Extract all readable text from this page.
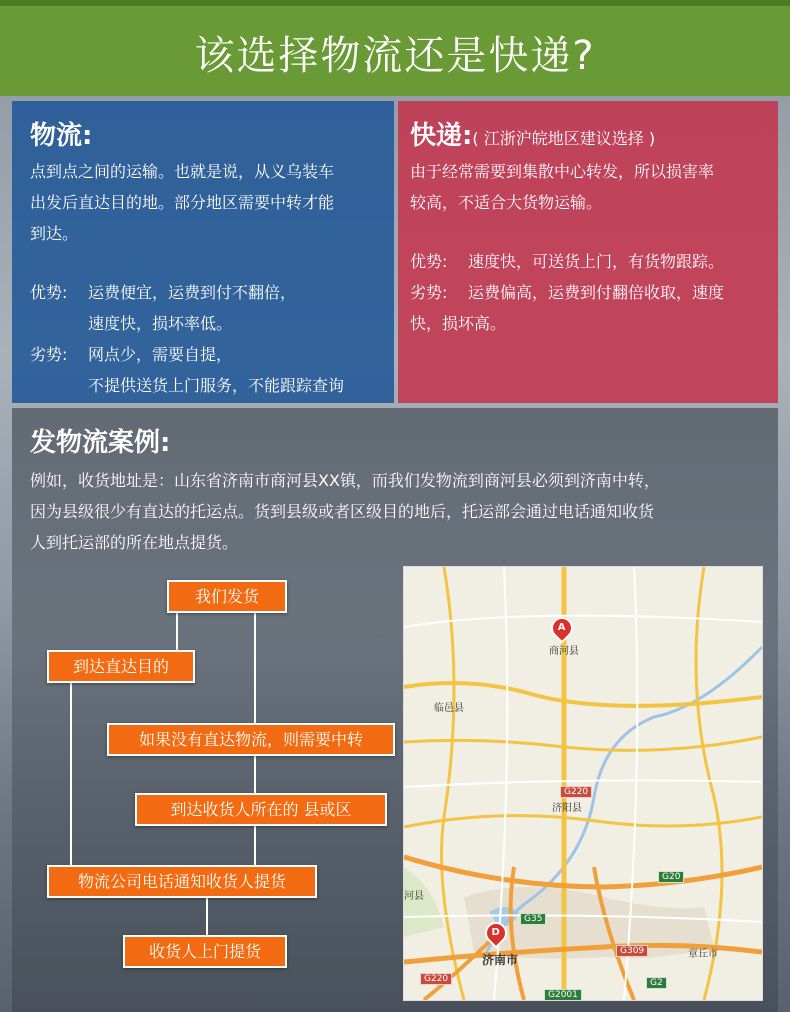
该选择物流还是快递?
物流:

点到点之间的运输。也就是说，从义乌装车

出发后直达目的地。部分地区需要中转才能

到达。

优势:	运费便宜，运费到付不翻倍，
速度快，损坏率低。
劣势:	网点少，需要自提，
不提供送货上门服务，不能跟踪查询
快递:( 江浙沪皖地区建议选择 )

由于经常需要到集散中心转发，所以损害率

较高，不适合大货物运输。

优势:	速度快，可送货上门，有货物跟踪。
劣势:	运费偏高，运费到付翻倍收取，速度

快，损坏高。

发物流案例:

例如，收货地址是：山东省济南市商河县XX镇，而我们发物流到商河县必须到济南中转，

因为县级很少有直达的托运点。货到县级或者区级目的地后，托运部会通过电话通知收货

人到托运部的所在地点提货。

我们发货
到达直达目的
如果没有直达物流，则需要中转
到达收货人所在的 县或区
物流公司电话通知收货人提货
收货人上门提货
A
D
商河县
临邑县
济阳县
济南市	章丘市
河县
G220
G220
G20
G35
G309
G2
G2001
